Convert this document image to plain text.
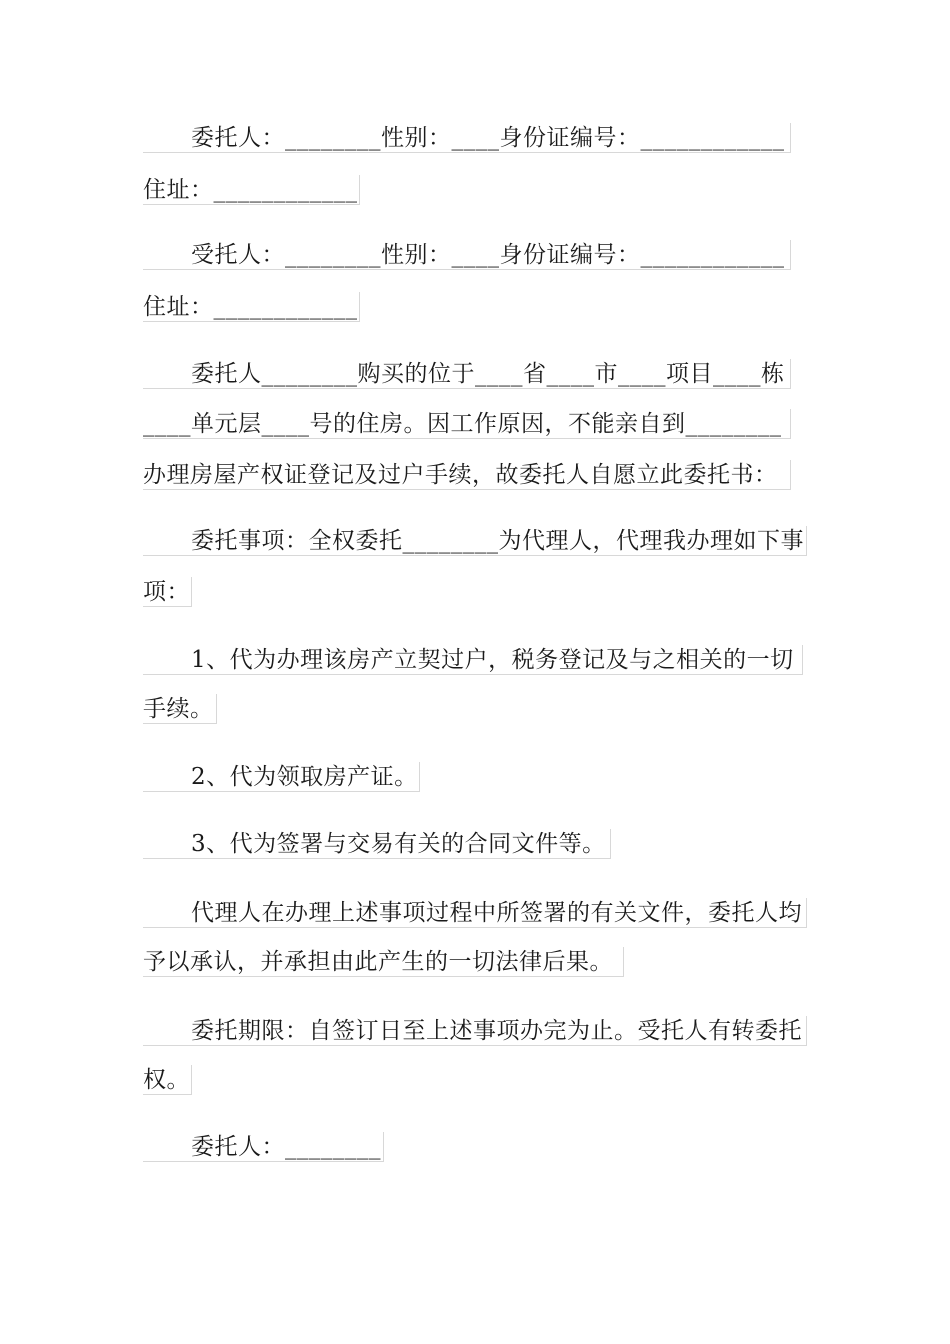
委托人：________性别：____身份证编号：____________
住址：____________
受托人：________性别：____身份证编号：____________
住址：____________
委托人________购买的位于____省____市____项目____栋
____单元层____号的住房。因工作原因，不能亲自到________
办理房屋产权证登记及过户手续，故委托人自愿立此委托书：
委托事项：全权委托________为代理人，代理我办理如下事
项：
1、代为办理该房产立契过户，税务登记及与之相关的一切
手续。
2、代为领取房产证。
3、代为签署与交易有关的合同文件等。
代理人在办理上述事项过程中所签署的有关文件，委托人均
予以承认，并承担由此产生的一切法律后果。
委托期限：自签订日至上述事项办完为止。受托人有转委托
权。
委托人：________
